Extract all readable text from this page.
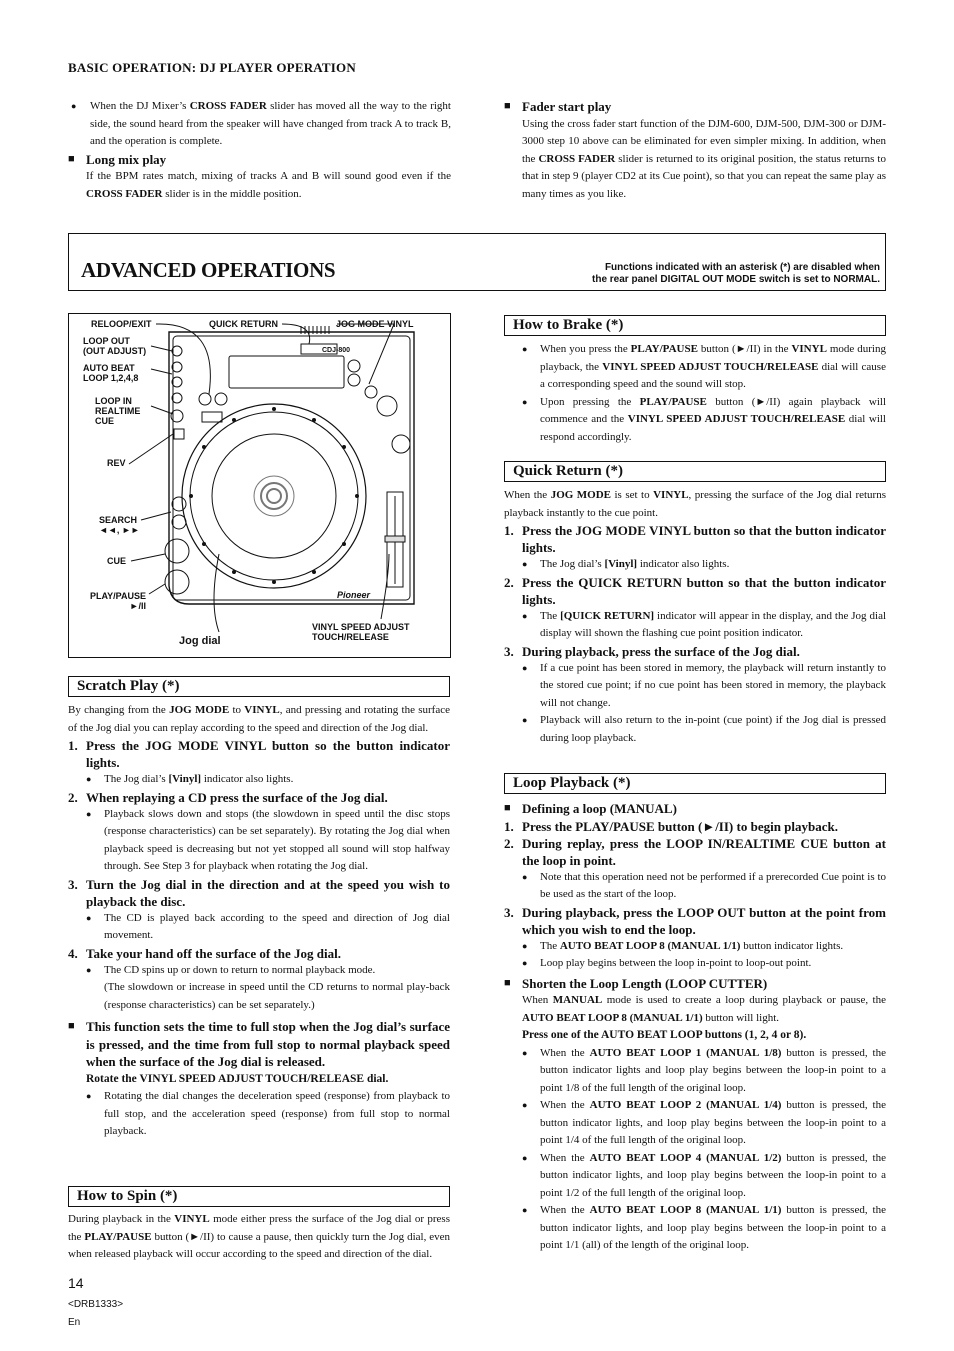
BASIC OPERATION: DJ PLAYER OPERATION

● When the DJ Mixer’s CROSS FADER slider has moved all the way to the right side, the sound heard from the speaker will have changed from track A to track B, and the operation is complete.

■ Long mix play

If the BPM rates match, mixing of tracks A and B will sound good even if the CROSS FADER slider is in the middle position.

■ Fader start play

Using the cross fader start function of the DJM-600, DJM-500, DJM-300 or DJM-3000 step 10 above can be eliminated for even simpler mixing. In addition, when the CROSS FADER slider is returned to its original position, the status returns to that in step 9 (player CD2 at its Cue point), so that you can repeat the same play as many times as you like.

ADVANCED OPERATIONS	Functions indicated with an asterisk (*) are disabled when
the rear panel DIGITAL OUT MODE switch is set to NORMAL.
CDJ-800
Pioneer
RELOOP/EXIT	QUICK RETURN	JOG MODE VINYL
LOOP OUT
(OUT ADJUST)
AUTO BEAT
LOOP 1,2,4,8
LOOP IN
REALTIME
CUE
REV
SEARCH
◄◄, ►►
CUE
PLAY/PAUSE
►/II
VINYL SPEED ADJUST
TOUCH/RELEASE
Jog dial
Scratch Play (*)

By changing from the JOG MODE to VINYL, and pressing and rotating the surface of the Jog dial you can replay according to the speed and direction of the Jog dial.

1. Press the JOG MODE VINYL button so the button indicator lights.

● The Jog dial’s [Vinyl] indicator also lights.

2. When replaying a CD press the surface of the Jog dial.

● Playback slows down and stops (the slowdown in speed until the disc stops (response characteristics) can be set separately). By rotating the Jog dial when playback speed is decreasing but not yet stopped all sound will stop halfway through. See Step 3 for playback when rotating the Jog dial.

3. Turn the Jog dial in the direction and at the speed you wish to playback the disc.

● The CD is played back according to the speed and direction of Jog dial movement.

4. Take your hand off the surface of the Jog dial.

● The CD spins up or down to return to normal playback mode.

(The slowdown or increase in speed until the CD returns to normal play-back (response characteristics) can be set separately.)

■ This function sets the time to full stop when the Jog dial’s surface is pressed, and the time from full stop to normal playback speed when the surface of the Jog dial is released.

Rotate the VINYL SPEED ADJUST TOUCH/RELEASE dial.

● Rotating the dial changes the deceleration speed (response) from playback to full stop, and the acceleration speed (response) from full stop to normal playback.

How to Spin (*)

During playback in the VINYL mode either press the surface of the Jog dial or press the PLAY/PAUSE button (►/II) to cause a pause, then quickly turn the Jog dial, even when released playback will occur according to the speed and direction of the dial.

How to Brake (*)

● When you press the PLAY/PAUSE button (►/II) in the VINYL mode during playback, the VINYL SPEED ADJUST TOUCH/RELEASE dial will cause a corresponding speed and the sound will stop.

● Upon pressing the PLAY/PAUSE button (►/II) again playback will commence and the VINYL SPEED ADJUST TOUCH/RELEASE dial will respond accordingly.

Quick Return (*)

When the JOG MODE is set to VINYL, pressing the surface of the Jog dial returns playback instantly to the cue point.

1. Press the JOG MODE VINYL button so that the button indicator lights.

● The Jog dial’s [Vinyl] indicator also lights.

2. Press the QUICK RETURN button so that the button indicator lights.

● The [QUICK RETURN] indicator will appear in the display, and the Jog dial display will shown the flashing cue point position indicator.

3. During playback, press the surface of the Jog dial.

● If a cue point has been stored in memory, the playback will return instantly to the stored cue point; if no cue point has been stored in memory, the playback will not change.

● Playback will also return to the in-point (cue point) if the Jog dial is pressed during loop playback.

Loop Playback (*)

■ Defining a loop (MANUAL)

1. Press the PLAY/PAUSE button (►/II) to begin playback.

2. During replay, press the LOOP IN/REALTIME CUE button at the loop in point.

● Note that this operation need not be performed if a prerecorded Cue point is to be used as the start of the loop.

3. During playback, press the LOOP OUT button at the point from which you wish to end the loop.

● The AUTO BEAT LOOP 8 (MANUAL 1/1) button indicator lights.

● Loop play begins between the loop in-point to loop-out point.

■ Shorten the Loop Length (LOOP CUTTER)

When MANUAL mode is used to create a loop during playback or pause, the AUTO BEAT LOOP 8 (MANUAL 1/1) button will light.

Press one of the AUTO BEAT LOOP buttons (1, 2, 4 or 8).

● When the AUTO BEAT LOOP 1 (MANUAL 1/8) button is pressed, the button indicator lights and loop play begins between the loop-in point to a point 1/8 of the full length of the original loop.

● When the AUTO BEAT LOOP 2 (MANUAL 1/4) button is pressed, the button indicator lights, and loop play begins between the loop-in point to a point 1/4 of the full length of the original loop.

● When the AUTO BEAT LOOP 4 (MANUAL 1/2) button is pressed, the button indicator lights, and loop play begins between the loop-in point to a point 1/2 of the full length of the original loop.

● When the AUTO BEAT LOOP 8 (MANUAL 1/1) button is pressed, the button indicator lights, and loop play begins between the loop-in point to a point 1/1 (all) of the length of the original loop.

14
<DRB1333>
En
